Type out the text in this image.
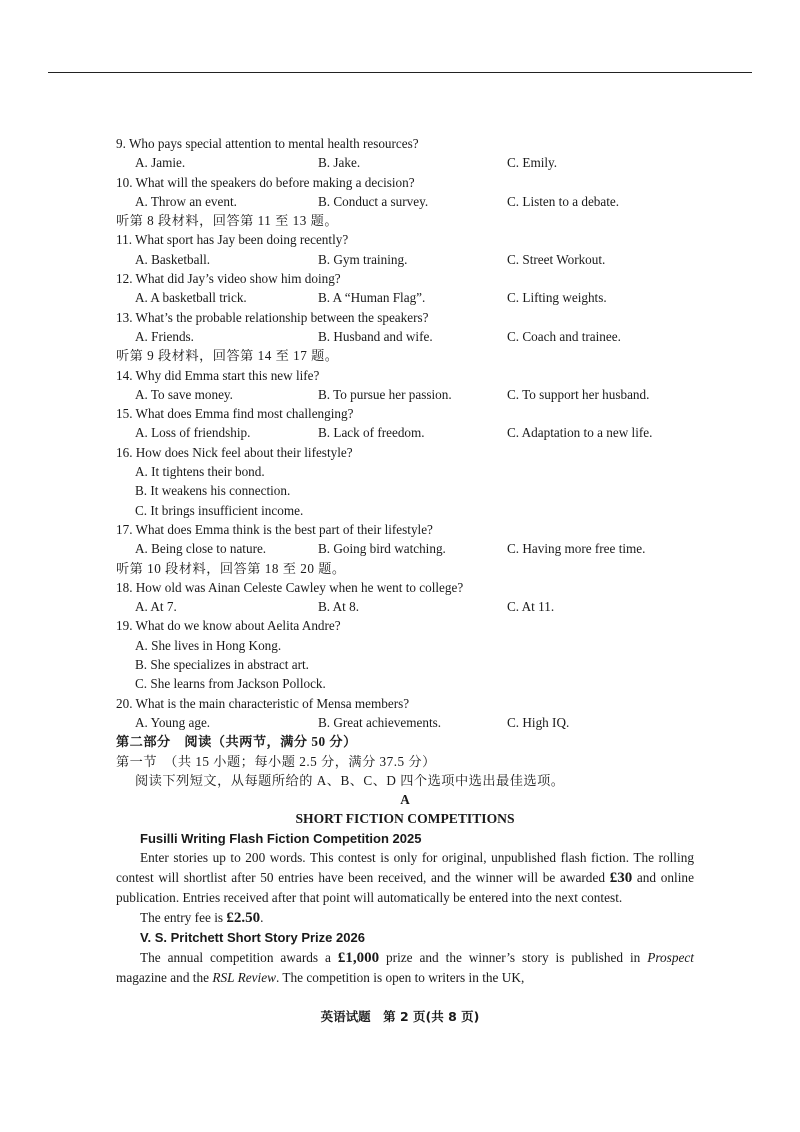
9. Who pays special attention to mental health resources?
A. Jamie.	B. Jake.	C. Emily.
10. What will the speakers do before making a decision?
A. Throw an event.	B. Conduct a survey.	C. Listen to a debate.
听第 8 段材料，回答第 11 至 13 题。
11. What sport has Jay been doing recently?
A. Basketball.	B. Gym training.	C. Street Workout.
12. What did Jay’s video show him doing?
A. A basketball trick.	B. A “Human Flag”.	C. Lifting weights.
13. What’s the probable relationship between the speakers?
A. Friends.	B. Husband and wife.	C. Coach and trainee.
听第 9 段材料，回答第 14 至 17 题。
14. Why did Emma start this new life?
A. To save money.	B. To pursue her passion.	C. To support her husband.
15. What does Emma find most challenging?
A. Loss of friendship.	B. Lack of freedom.	C. Adaptation to a new life.
16. How does Nick feel about their lifestyle?
A. It tightens their bond.
B. It weakens his connection.
C. It brings insufficient income.
17. What does Emma think is the best part of their lifestyle?
A. Being close to nature.	B. Going bird watching.	C. Having more free time.
听第 10 段材料，回答第 18 至 20 题。
18. How old was Ainan Celeste Cawley when he went to college?
A. At 7.	B. At 8.	C. At 11.
19. What do we know about Aelita Andre?
A. She lives in Hong Kong.
B. She specializes in abstract art.
C. She learns from Jackson Pollock.
20. What is the main characteristic of Mensa members?
A. Young age.	B. Great achievements.	C. High IQ.
第二部分　阅读（共两节，满分 50 分）
第一节　（共 15 小题；每小题 2.5 分，满分 37.5 分）
阅读下列短文，从每题所给的 A、B、C、D 四个选项中选出最佳选项。
A
SHORT FICTION COMPETITIONS
Fusilli Writing Flash Fiction Competition 2025
Enter stories up to 200 words. This contest is only for original, unpublished flash fiction. The rolling contest will shortlist after 50 entries have been received, and the winner will be awarded £30 and online publication. Entries received after that point will automatically be entered into the next contest.
The entry fee is £2.50.
V. S. Pritchett Short Story Prize 2026
The annual competition awards a £1,000 prize and the winner’s story is published in Prospect magazine and the RSL Review. The competition is open to writers in the UK,
英语试题　第 2 页(共 8 页)
